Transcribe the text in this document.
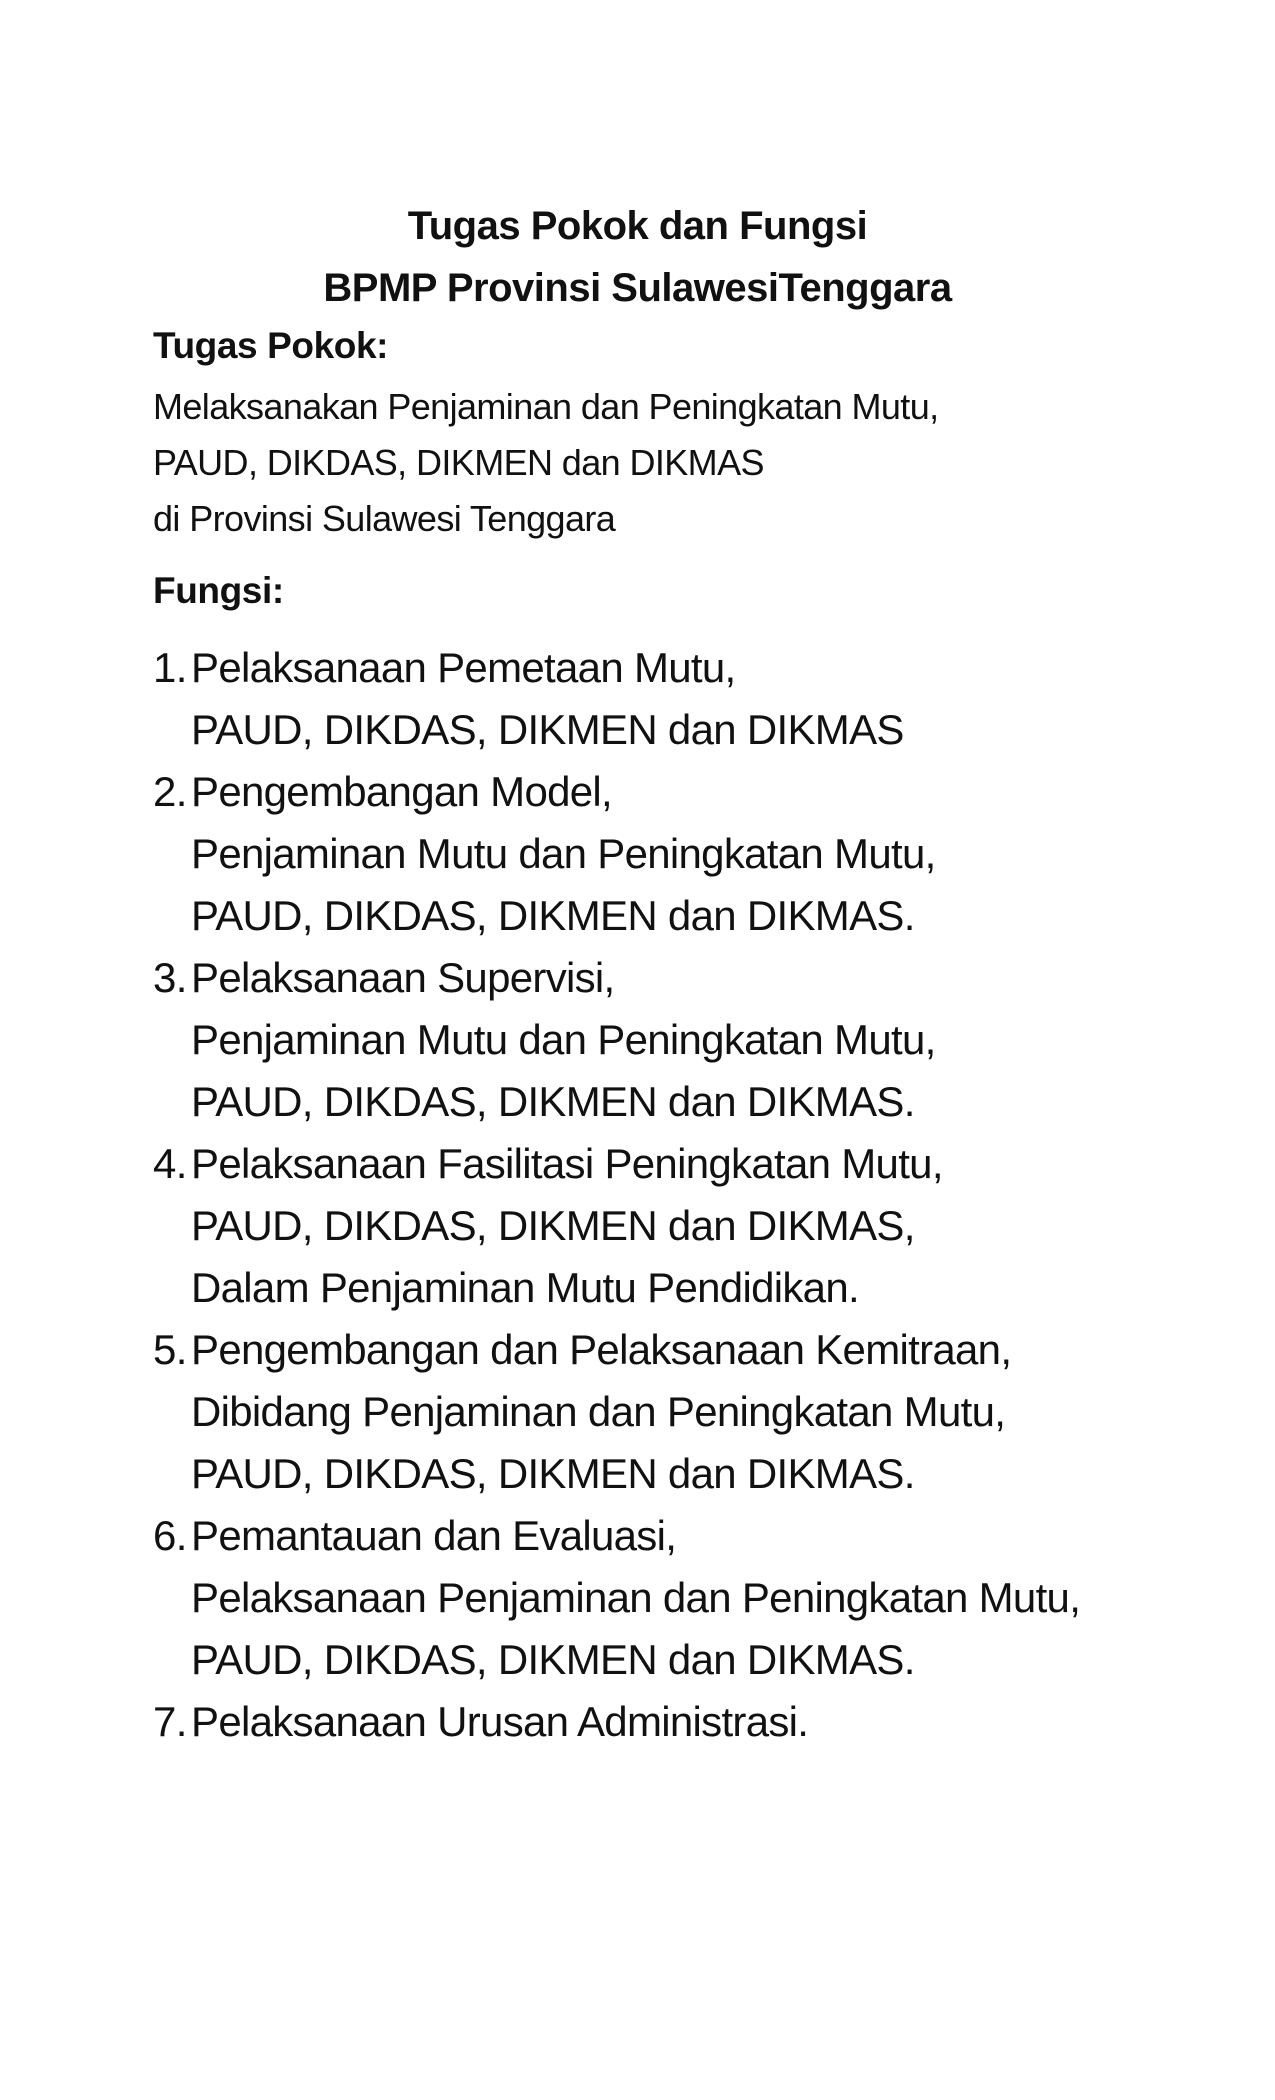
Tugas Pokok dan Fungsi
BPMP Provinsi SulawesiTenggara
Tugas Pokok:
Melaksanakan Penjaminan dan Peningkatan Mutu,
PAUD, DIKDAS, DIKMEN dan DIKMAS
di Provinsi Sulawesi Tenggara
Fungsi:
1. Pelaksanaan Pemetaan Mutu,
PAUD, DIKDAS, DIKMEN dan DIKMAS
2. Pengembangan Model,
Penjaminan Mutu dan Peningkatan Mutu,
PAUD, DIKDAS, DIKMEN dan DIKMAS.
3. Pelaksanaan Supervisi,
Penjaminan Mutu dan Peningkatan Mutu,
PAUD, DIKDAS, DIKMEN dan DIKMAS.
4. Pelaksanaan Fasilitasi Peningkatan Mutu,
PAUD, DIKDAS, DIKMEN dan DIKMAS,
Dalam Penjaminan Mutu Pendidikan.
5. Pengembangan dan Pelaksanaan Kemitraan,
Dibidang Penjaminan dan Peningkatan Mutu,
PAUD, DIKDAS, DIKMEN dan DIKMAS.
6. Pemantauan dan Evaluasi,
Pelaksanaan Penjaminan dan Peningkatan Mutu,
PAUD, DIKDAS, DIKMEN dan DIKMAS.
7. Pelaksanaan Urusan Administrasi.
